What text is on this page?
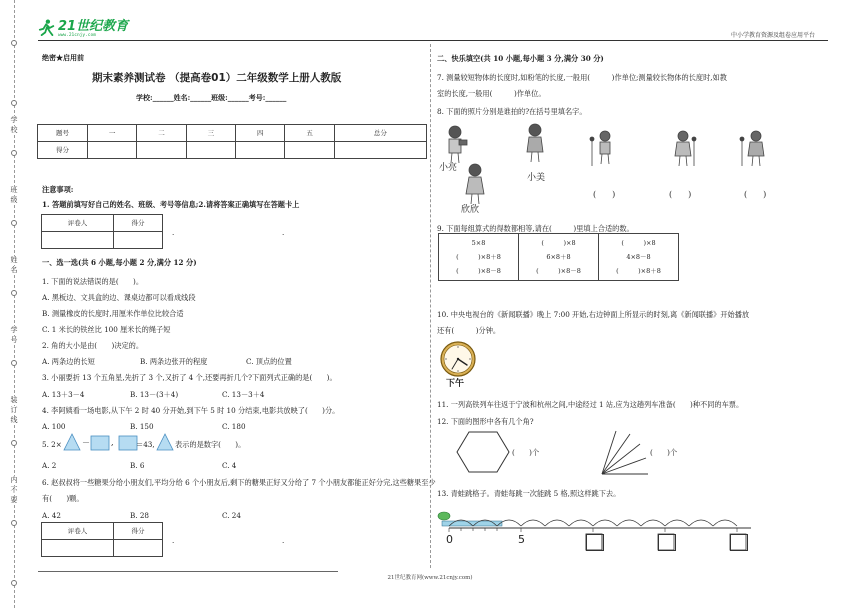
学
校
班
级
姓
名
学
号
装
订
线
内
不
要
21世纪教育
www.21cnjy.com	中小学教育资源及组卷应用平台
绝密★启用前
期末素养测试卷 （提高卷01）二年级数学上册人教版
学校:______姓名:______班级:______考号:______
题号	一	二	三	四	五	总分
得分						
注意事项:
1. 答题前填写好自己的姓名、班级、考号等信息;2.请将答案正确填写在答题卡上
评卷人	得分

.	.
一、选一选(共 6 小题,每小题 2 分,满分 12 分)
1. 下面的说法错误的是(　　)。
A. 黑板边、文具盒的边、课桌边都可以看成线段
B. 测量橡皮的长度时,用厘米作单位比较合适
C. 1 米长的铁丝比 100 厘米长的绳子短
2. 角的大小是由(　　)决定的。
A. 两条边的长短	B. 两条边张开的程度	C. 顶点的位置
3. 小丽要折 13 个五角星,先折了 3 个,又折了 4 个,还要再折几个?下面列式正确的是(　　)。
A. 13＋3－4	B. 13－(3＋4)	C. 13－3＋4
4. 李阿姨看一场电影,从下午 2 时 40 分开始,到下午 5 时 10 分结束,电影共放映了(　　)分。
A. 100	B. 150	C. 180
5. 2×	－	,	＝43,	表示的是数字(　　)。
A. 2	B. 6	C. 4
6. 赵叔叔将一些糖果分给小朋友们,平均分给 6 个小朋友后,剩下的糖果正好又分给了 7 个小朋友都能正好分完,这些糖果至少
有(　　)颗。
A. 42	B. 28	C. 24
评卷人	得分

.	.
二、快乐填空(共 10 小题,每小题 3 分,满分 30 分)
7. 测量较短物体的长度时,如粉笔的长度,一般用(　　　)作单位;测量较长物体的长度时,如教
室的长度,一般用(　　　)作单位。
8. 下面的照片分别是谁拍的?在括号里填名字。
小亮
小美
欣欣
(　　)	(　　)	(　　)
9. 下面每组算式的得数都相等,请在(　　　)里填上合适的数。
5×8
(　　　)×8＋8
(　　　)×8－8

(　　　)×8
6×8＋8
(　　　)×8－8

(　　　)×8
4×8－8
(　　　)×8＋8
10. 中央电视台的《新闻联播》晚上 7:00 开始,右边钟面上所显示的时刻,离《新闻联播》开始播放
还有(　　　)分钟。
下午
11. 一列高铁列车往返于宁波和杭州之间,中途经过 1 站,应为这趟列车准备(　　)种不同的车票。
12. 下面的图形中各有几个角?
(　　)个	(　　)个
13. 青蛙跳格子。青蛙每跳一次能跳 5 格,照这样跳下去。
0	5
21世纪教育网(www.21cnjy.com)
